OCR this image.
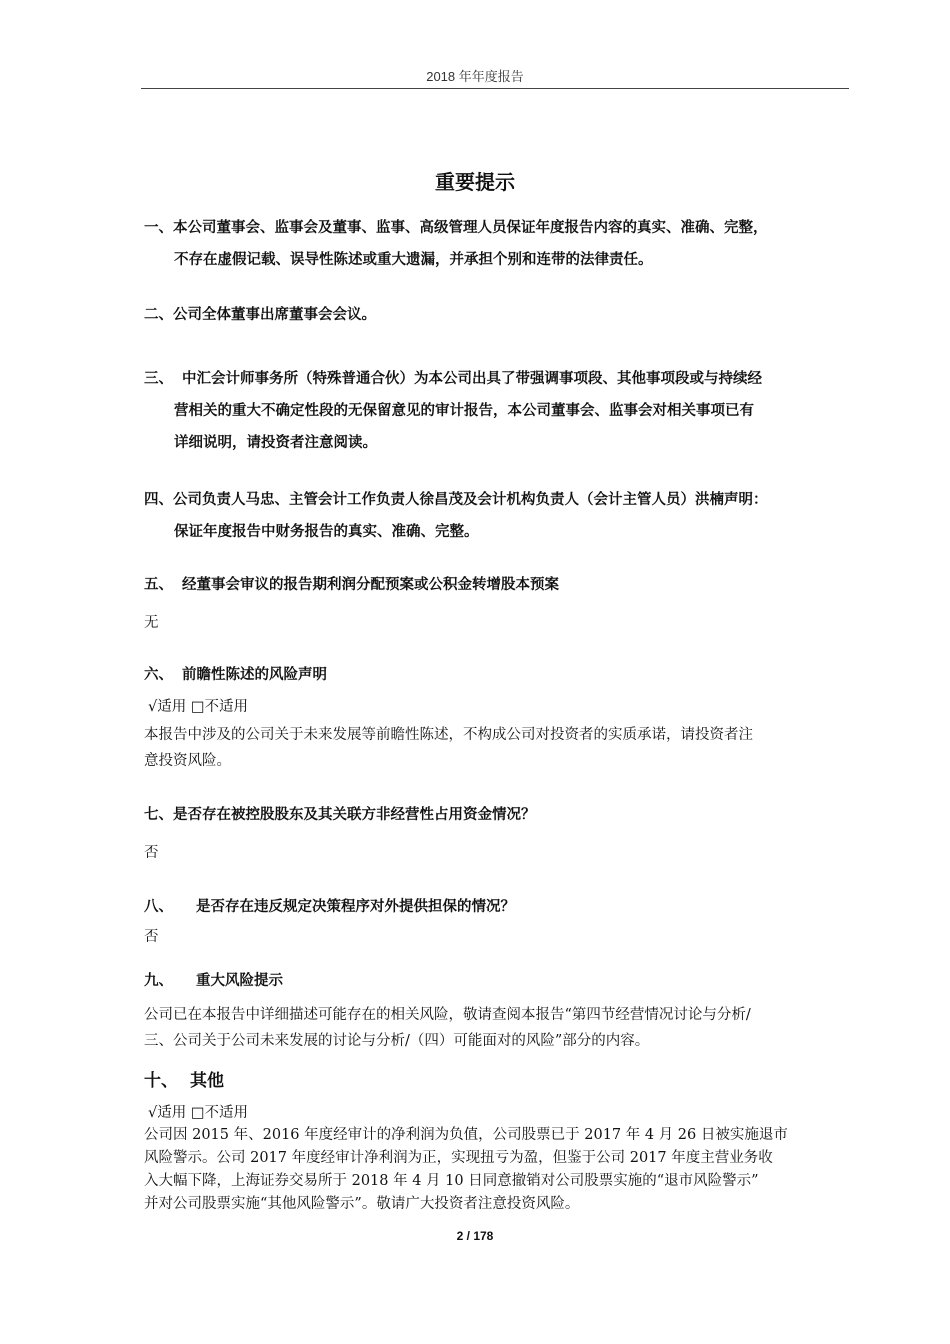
2018 年年度报告
重要提示
一、本公司董事会、监事会及董事、监事、高级管理人员保证年度报告内容的真实、准确、完整，
不存在虚假记载、误导性陈述或重大遗漏，并承担个别和连带的法律责任。
二、公司全体董事出席董事会会议。
三、 中汇会计师事务所（特殊普通合伙）为本公司出具了带强调事项段、其他事项段或与持续经
营相关的重大不确定性段的无保留意见的审计报告，本公司董事会、监事会对相关事项已有
详细说明，请投资者注意阅读。
四、公司负责人马忠、主管会计工作负责人徐昌茂及会计机构负责人（会计主管人员）洪楠声明：
保证年度报告中财务报告的真实、准确、完整。
五、 经董事会审议的报告期利润分配预案或公积金转增股本预案
无
六、 前瞻性陈述的风险声明
√适用 □不适用
本报告中涉及的公司关于未来发展等前瞻性陈述，不构成公司对投资者的实质承诺，请投资者注
意投资风险。
七、是否存在被控股股东及其关联方非经营性占用资金情况？
否
八、 是否存在违反规定决策程序对外提供担保的情况？
否
九、 重大风险提示
公司已在本报告中详细描述可能存在的相关风险，敬请查阅本报告“第四节经营情况讨论与分析/
三、公司关于公司未来发展的讨论与分析/（四）可能面对的风险”部分的内容。
十、 其他
√适用 □不适用
公司因 2015 年、2016 年度经审计的净利润为负值，公司股票已于 2017 年 4 月 26 日被实施退市
风险警示。公司 2017 年度经审计净利润为正，实现扭亏为盈，但鉴于公司 2017 年度主营业务收
入大幅下降，上海证券交易所于 2018 年 4 月 10 日同意撤销对公司股票实施的“退市风险警示”
并对公司股票实施“其他风险警示”。敬请广大投资者注意投资风险。
2 / 178
